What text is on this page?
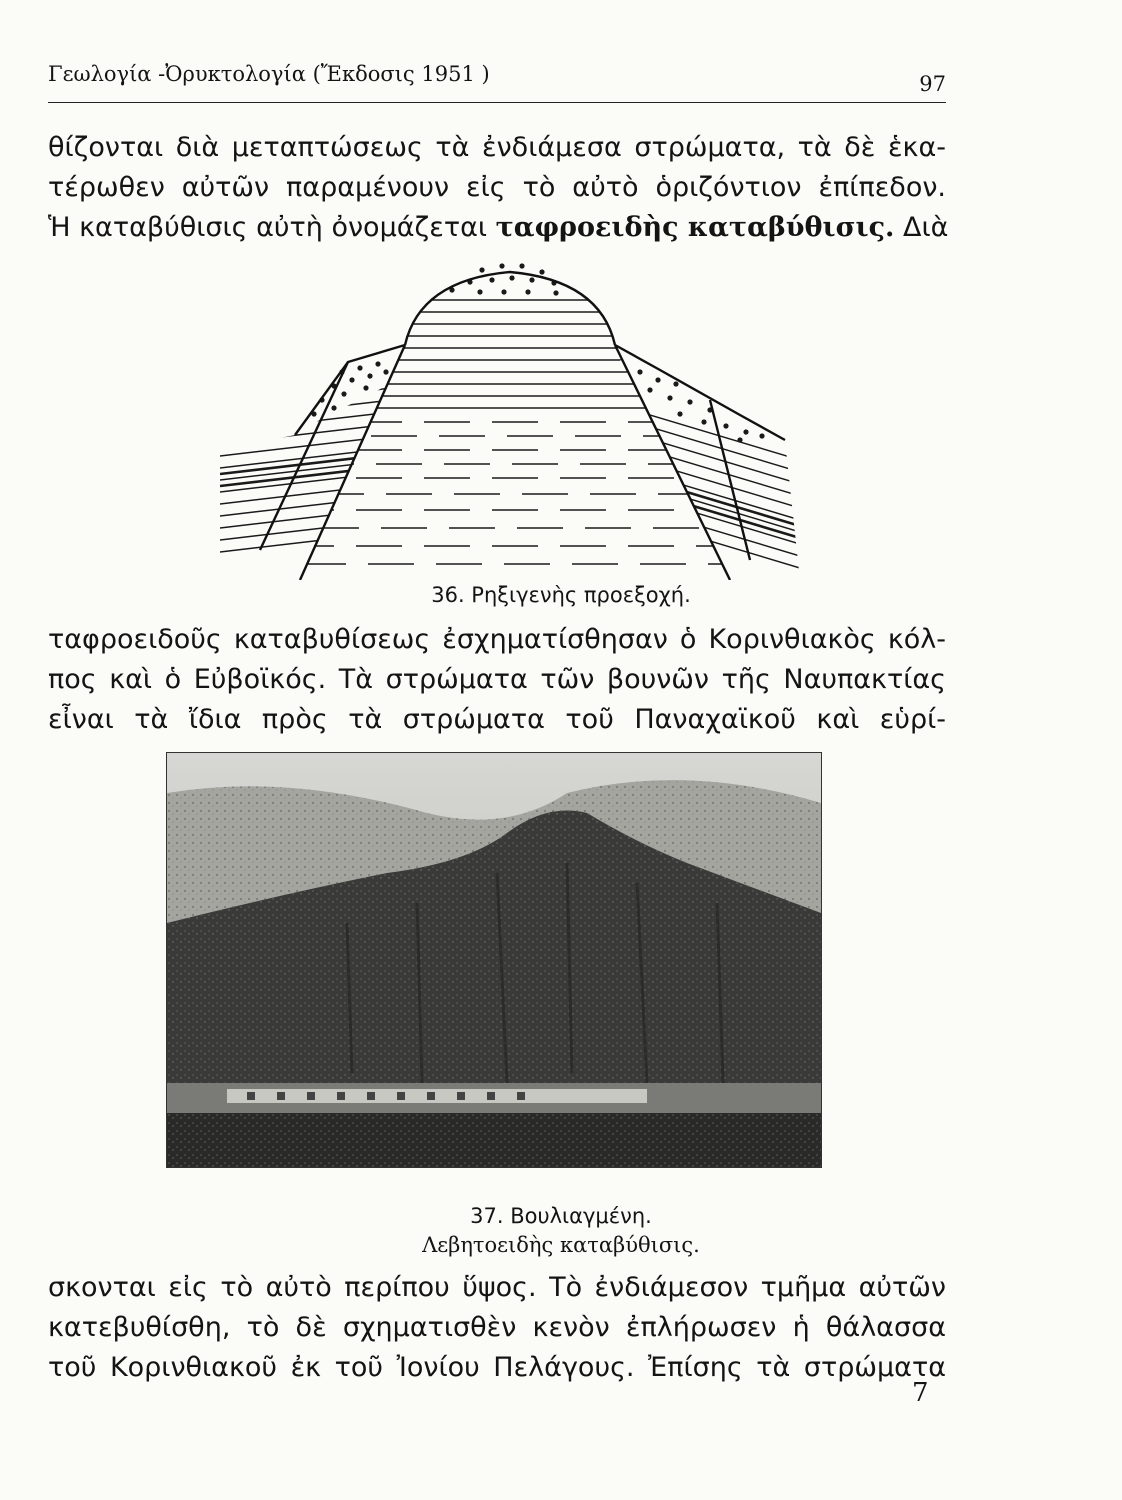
Γεωλογία -Ὀρυκτολογία (Ἔκδοσις 1951 )	97
θίζονται διὰ μεταπτώσεως τὰ ἐνδιάμεσα στρώματα, τὰ δὲ ἑκα-
τέρωθεν αὐτῶν παραμένουν εἰς τὸ αὐτὸ ὁριζόντιον ἐπίπεδον.
Ἡ καταβύθισις αὐτὴ ὀνομάζεται ταφροειδὴς καταβύθισις. Διὰ
36. Ρηξιγενὴς προεξοχή.
ταφροειδοῦς καταβυθίσεως ἐσχηματίσθησαν ὁ Κορινθιακὸς κόλ-
πος καὶ ὁ Εὐβοϊκός. Τὰ στρώματα τῶν βουνῶν τῆς Ναυπακτίας
εἶναι τὰ ἴδια πρὸς τὰ στρώματα τοῦ Παναχαϊκοῦ καὶ εὑρί-
37. Βουλιαγμένη.
Λεβητοειδὴς καταβύθισις.
σκονται εἰς τὸ αὐτὸ περίπου ὕψος. Τὸ ἐνδιάμεσον τμῆμα αὐτῶν
κατεβυθίσθη, τὸ δὲ σχηματισθὲν κενὸν ἐπλήρωσεν ἡ θάλασσα
τοῦ Κορινθιακοῦ ἐκ τοῦ Ἰονίου Πελάγους. Ἐπίσης τὰ στρώματα
7
